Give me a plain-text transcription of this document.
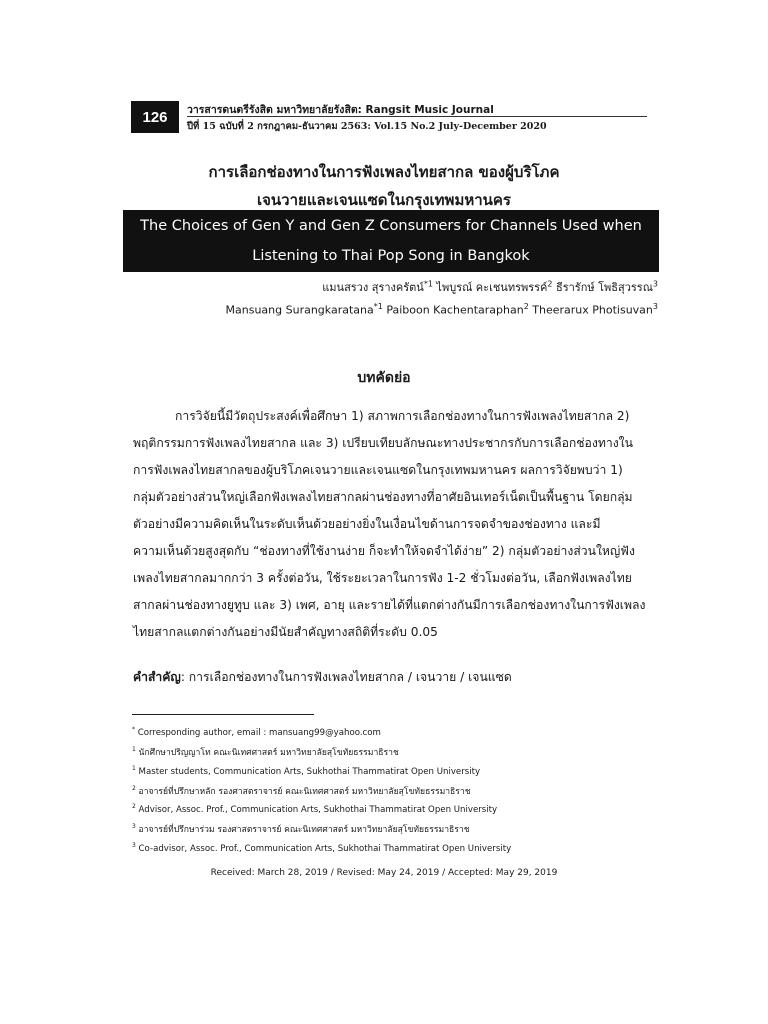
126 วารสารดนตรีรังสิต มหาวิทยาลัยรังสิต: Rangsit Music Journal
ปีที่ 15 ฉบับที่ 2 กรกฎาคม-ธันวาคม 2563: Vol.15 No.2 July-December 2020
การเลือกช่องทางในการฟังเพลงไทยสากล ของผู้บริโภค
เจนวายและเจนแซดในกรุงเทพมหานคร
The Choices of Gen Y and Gen Z Consumers for Channels Used when
Listening to Thai Pop Song in Bangkok
แมนสรวง สุรางครัตน์$^{*1}$ ไพบูรณ์ คะเชนทรพรรค์$^2$ ธีรารักษ์ โพธิสุวรรณ$^3$
Mansuang Surangkaratana$^{*1}$ Paiboon Kachentaraphan$^2$ Theerarux Photisuvan$^3$
บทคัดย่อ
การวิจัยนี้มีวัตถุประสงค์เพื่อศึกษา 1) สภาพการเลือกช่องทางในการฟังเพลงไทยสากล 2)
พฤติกรรมการฟังเพลงไทยสากล และ 3) เปรียบเทียบลักษณะทางประชากรกับการเลือกช่องทางใน
การฟังเพลงไทยสากลของผู้บริโภคเจนวายและเจนแซดในกรุงเทพมหานคร ผลการวิจัยพบว่า 1)
กลุ่มตัวอย่างส่วนใหญ่เลือกฟังเพลงไทยสากลผ่านช่องทางที่อาศัยอินเทอร์เน็ตเป็นพื้นฐาน โดยกลุ่ม
ตัวอย่างมีความคิดเห็นในระดับเห็นด้วยอย่างยิ่งในเงื่อนไขด้านการจดจำของช่องทาง และมี
ความเห็นด้วยสูงสุดกับ “ช่องทางที่ใช้งานง่าย ก็จะทำให้จดจำได้ง่าย” 2) กลุ่มตัวอย่างส่วนใหญ่ฟัง
เพลงไทยสากลมากกว่า 3 ครั้งต่อวัน, ใช้ระยะเวลาในการฟัง 1-2 ชั่วโมงต่อวัน, เลือกฟังเพลงไทย
สากลผ่านช่องทางยูทูบ และ 3) เพศ, อายุ และรายได้ที่แตกต่างกันมีการเลือกช่องทางในการฟังเพลง
ไทยสากลแตกต่างกันอย่างมีนัยสำคัญทางสถิติที่ระดับ 0.05
คำสำคัญ: การเลือกช่องทางในการฟังเพลงไทยสากล / เจนวาย / เจนแซด
* Corresponding author, email : mansuang99@yahoo.com
$^1$ นักศึกษาปริญญาโท คณะนิเทศศาสตร์ มหาวิทยาลัยสุโขทัยธรรมาธิราช
$^1$ Master students, Communication Arts, Sukhothai Thammatirat Open University
$^2$ อาจารย์ที่ปรึกษาหลัก รองศาสตราจารย์ คณะนิเทศศาสตร์ มหาวิทยาลัยสุโขทัยธรรมาธิราช
$^2$ Advisor, Assoc. Prof., Communication Arts, Sukhothai Thammatirat Open University
$^3$ อาจารย์ที่ปรึกษาร่วม รองศาสตราจารย์ คณะนิเทศศาสตร์ มหาวิทยาลัยสุโขทัยธรรมาธิราช
$^3$ Co-advisor, Assoc. Prof., Communication Arts, Sukhothai Thammatirat Open University
Received: March 28, 2019 / Revised: May 24, 2019 / Accepted: May 29, 2019
